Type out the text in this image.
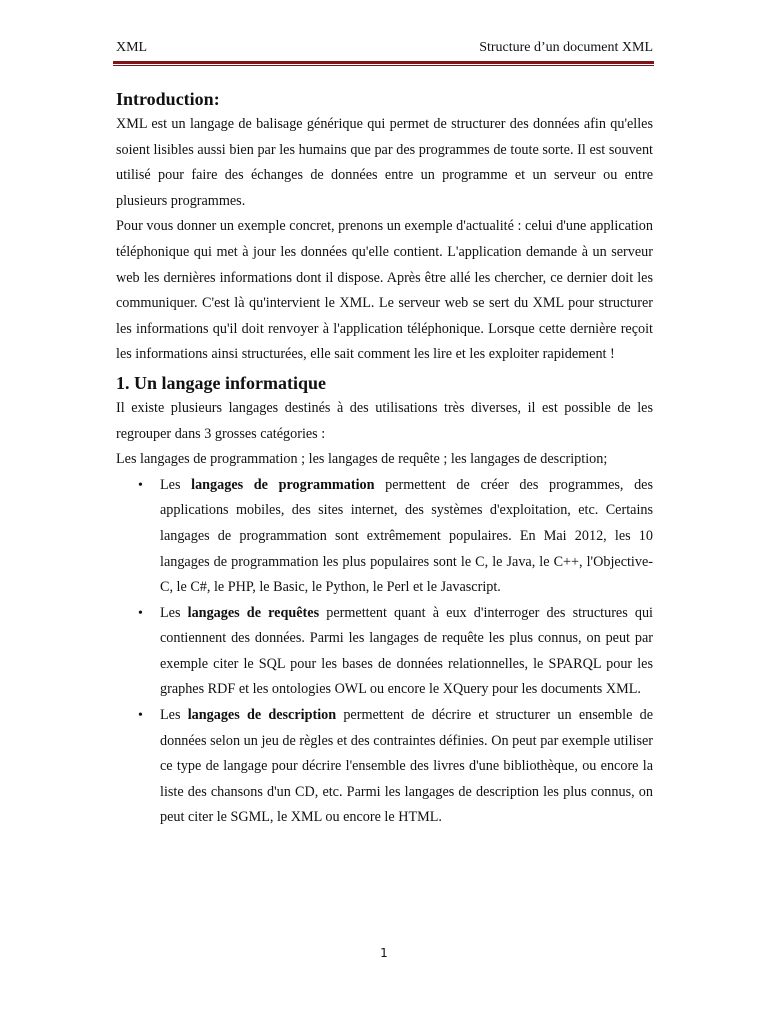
XML	Structure d’un document XML
Introduction:

XML est un langage de balisage générique qui permet de structurer des données afin qu'elles soient lisibles aussi bien par les humains que par des programmes de toute sorte. Il est souvent utilisé pour faire des échanges de données entre un programme et un serveur ou entre plusieurs programmes.

Pour vous donner un exemple concret, prenons un exemple d'actualité : celui d'une application téléphonique qui met à jour les données qu'elle contient. L'application demande à un serveur web les dernières informations dont il dispose. Après être allé les chercher, ce dernier doit les communiquer. C'est là qu'intervient le XML. Le serveur web se sert du XML pour structurer les informations qu'il doit renvoyer à l'application téléphonique. Lorsque cette dernière reçoit les informations ainsi structurées, elle sait comment les lire et les exploiter rapidement !

1. Un langage informatique

Il existe plusieurs langages destinés à des utilisations très diverses, il est possible de les regrouper dans 3 grosses catégories :

Les langages de programmation ; les langages de requête ; les langages de description;

• Les langages de programmation permettent de créer des programmes, des applications mobiles, des sites internet, des systèmes d'exploitation, etc. Certains langages de programmation sont extrêmement populaires. En Mai 2012, les 10 langages de programmation les plus populaires sont le C, le Java, le C++, l'Objective-C, le C#, le PHP, le Basic, le Python, le Perl et le Javascript.
• Les langages de requêtes permettent quant à eux d'interroger des structures qui contiennent des données. Parmi les langages de requête les plus connus, on peut par exemple citer le SQL pour les bases de données relationnelles, le SPARQL pour les graphes RDF et les ontologies OWL ou encore le XQuery pour les documents XML.
• Les langages de description permettent de décrire et structurer un ensemble de données selon un jeu de règles et des contraintes définies. On peut par exemple utiliser ce type de langage pour décrire l'ensemble des livres d'une bibliothèque, ou encore la liste des chansons d'un CD, etc. Parmi les langages de description les plus connus, on peut citer le SGML, le XML ou encore le HTML.
1
